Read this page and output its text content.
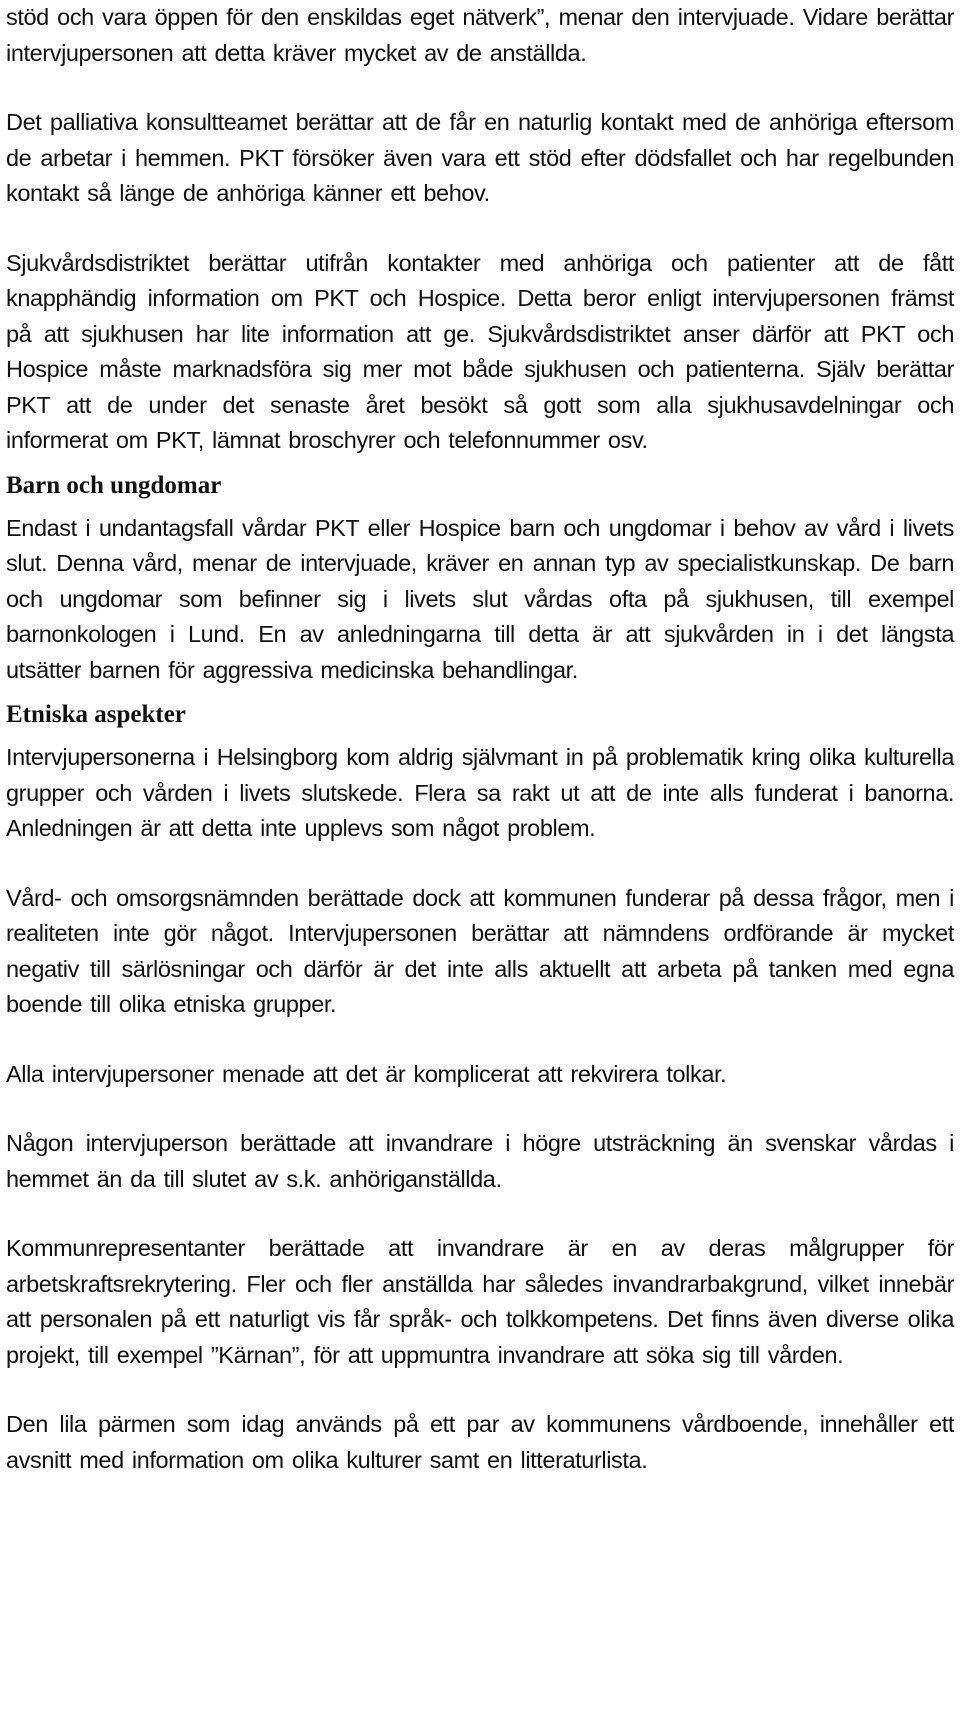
stöd och vara öppen för den enskildas eget nätverk”, menar den intervjuade. Vidare berättar intervjupersonen att detta kräver mycket av de anställda.

Det palliativa konsultteamet berättar att de får en naturlig kontakt med de anhöriga eftersom de arbetar i hemmen. PKT försöker även vara ett stöd efter dödsfallet och har regelbunden kontakt så länge de anhöriga känner ett behov.

Sjukvårdsdistriktet berättar utifrån kontakter med anhöriga och patienter att de fått knapphändig information om PKT och Hospice. Detta beror enligt intervjupersonen främst på att sjukhusen har lite information att ge. Sjukvårdsdistriktet anser därför att PKT och Hospice måste marknadsföra sig mer mot både sjukhusen och patienterna. Själv berättar PKT att de under det senaste året besökt så gott som alla sjukhusavdelningar och informerat om PKT, lämnat broschyrer och telefonnummer osv.

Barn och ungdomar

Endast i undantagsfall vårdar PKT eller Hospice barn och ungdomar i behov av vård i livets slut. Denna vård, menar de intervjuade, kräver en annan typ av specialistkunskap. De barn och ungdomar som befinner sig i livets slut vårdas ofta på sjukhusen, till exempel barnonkologen i Lund. En av anledningarna till detta är att sjukvården in i det längsta utsätter barnen för aggressiva medicinska behandlingar.

Etniska aspekter

Intervjupersonerna i Helsingborg kom aldrig självmant in på problematik kring olika kulturella grupper och vården i livets slutskede. Flera sa rakt ut att de inte alls funderat i banorna. Anledningen är att detta inte upplevs som något problem.

Vård- och omsorgsnämnden berättade dock att kommunen funderar på dessa frågor, men i realiteten inte gör något. Intervjupersonen berättar att nämndens ordförande är mycket negativ till särlösningar och därför är det inte alls aktuellt att arbeta på tanken med egna boende till olika etniska grupper.

Alla intervjupersoner menade att det är komplicerat att rekvirera tolkar.

Någon intervjuperson berättade att invandrare i högre utsträckning än svenskar vårdas i hemmet än da till slutet av s.k. anhöriganställda.

Kommunrepresentanter berättade att invandrare är en av deras målgrupper för arbetskraftsrekrytering. Fler och fler anställda har således invandrarbakgrund, vilket innebär att personalen på ett naturligt vis får språk- och tolkkompetens. Det finns även diverse olika projekt, till exempel ”Kärnan”, för att uppmuntra invandrare att söka sig till vården.

Den lila pärmen som idag används på ett par av kommunens vårdboende, innehåller ett avsnitt med information om olika kulturer samt en litteraturlista.
